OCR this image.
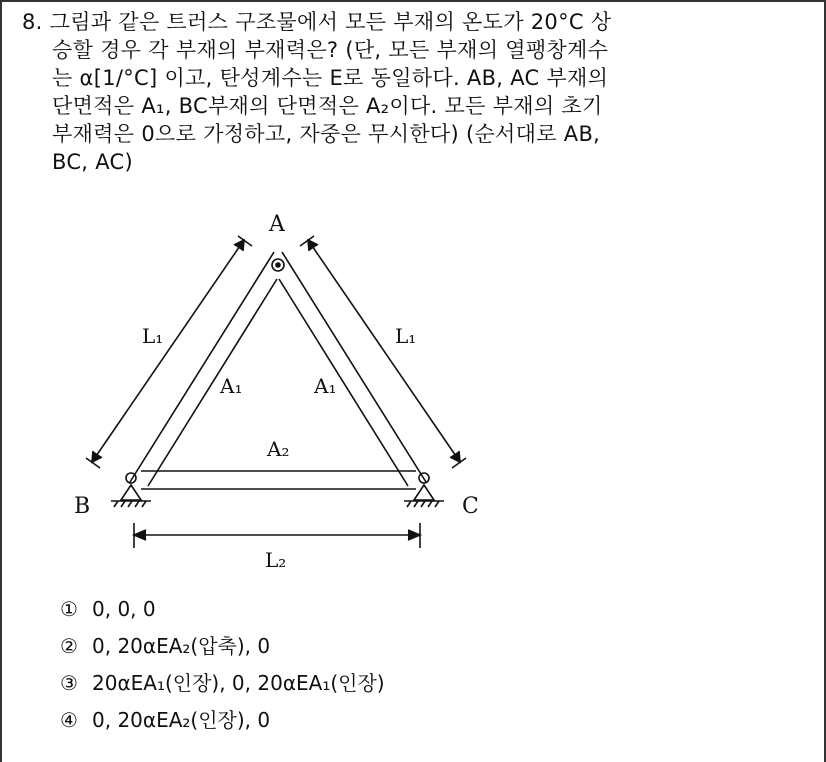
8. 그림과 같은 트러스 구조물에서 모든 부재의 온도가 20°C 상
승할 경우 각 부재의 부재력은? (단, 모든 부재의 열팽창계수
는 α[1/°C] 이고, 탄성계수는 E로 동일하다. AB, AC 부재의
단면적은 A₁, BC부재의 단면적은 A₂이다. 모든 부재의 초기
부재력은 0으로 가정하고, 자중은 무시한다) (순서대로 AB,
BC, AC)
A
B	C
L₁	L₁
L₂
A₁	A₁
A₂
① 0, 0, 0
② 0, 20αEA₂(압축), 0
③ 20αEA₁(인장), 0, 20αEA₁(인장)
④ 0, 20αEA₂(인장), 0
